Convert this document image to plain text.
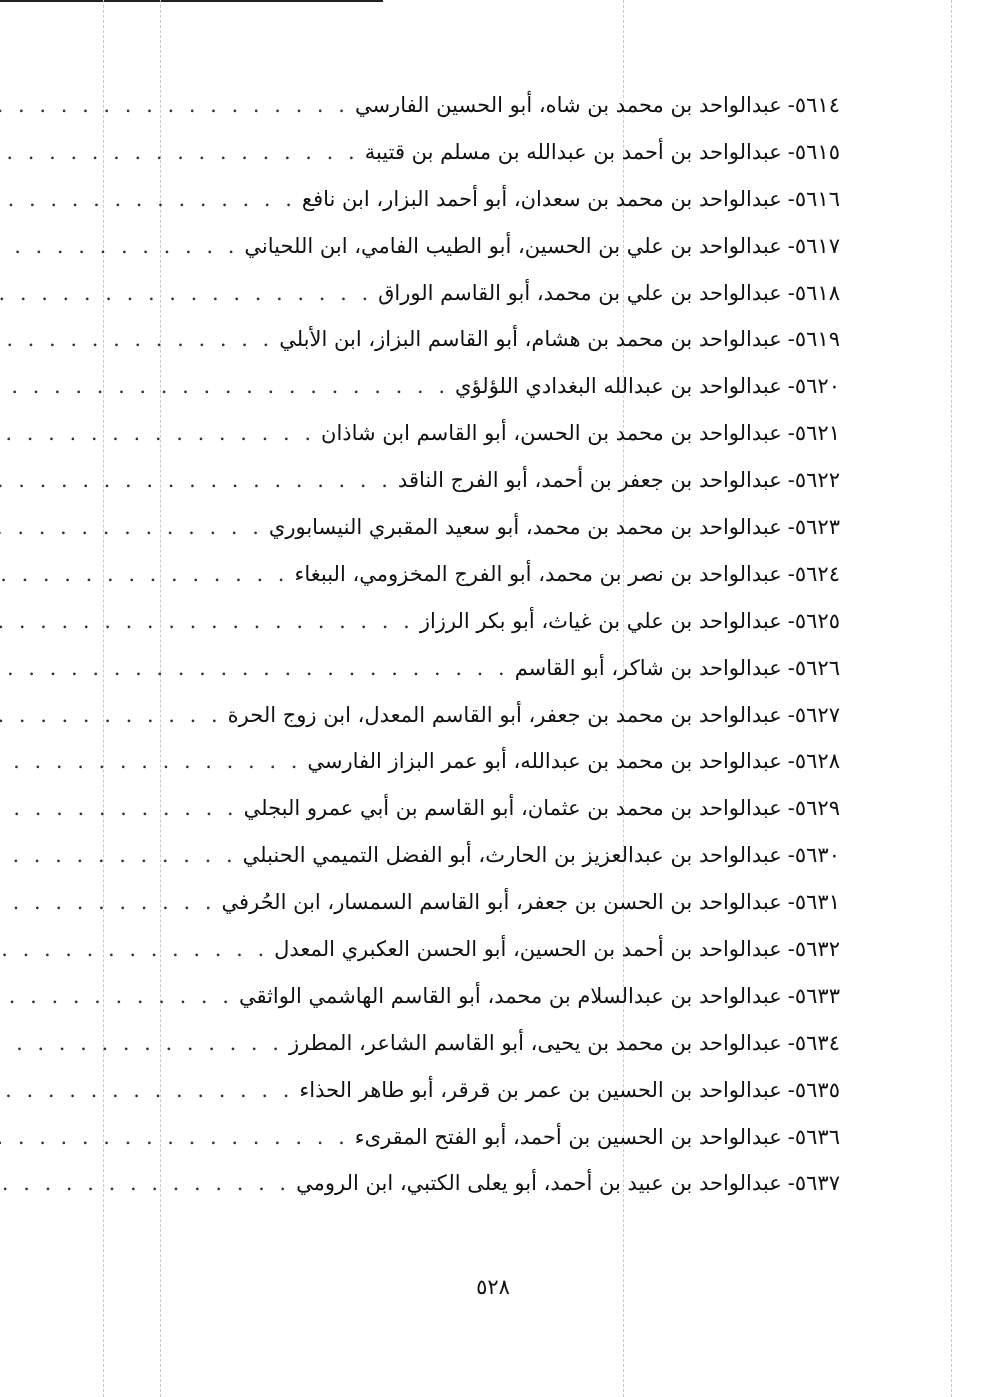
٥٦١٤-
عبدالواحد بن محمد بن شاه، أبو الحسين الفارسي
. . .
٥٦١٥-
عبدالواحد بن أحمد بن عبدالله بن مسلم بن قتيبة
. . .
٥٦١٦-
عبدالواحد بن محمد بن سعدان، أبو أحمد البزار، ابن نافع
. . .
٥٦١٧-
عبدالواحد بن علي بن الحسين، أبو الطيب الفامي، ابن اللحياني
. . .
٥٦١٨-
عبدالواحد بن علي بن محمد، أبو القاسم الوراق
. . .
٥٦١٩-
عبدالواحد بن محمد بن هشام، أبو القاسم البزاز، ابن الأبلي
. . .
٥٦٢٠-
عبدالواحد بن عبدالله البغدادي اللؤلؤي
. . .
٥٦٢١-
عبدالواحد بن محمد بن الحسن، أبو القاسم ابن شاذان
. . .
٥٦٢٢-
عبدالواحد بن جعفر بن أحمد، أبو الفرج الناقد
. . .
٥٦٢٣-
عبدالواحد بن محمد بن محمد، أبو سعيد المقبري النيسابوري
. . .
٥٦٢٤-
عبدالواحد بن نصر بن محمد، أبو الفرج المخزومي، الببغاء
. . .
٥٦٢٥-
عبدالواحد بن علي بن غياث، أبو بكر الرزاز
. . .
٥٦٢٦-
عبدالواحد بن شاكر، أبو القاسم
. . .
٥٦٢٧-
عبدالواحد بن محمد بن جعفر، أبو القاسم المعدل، ابن زوج الحرة
. . .
٥٦٢٨-
عبدالواحد بن محمد بن عبدالله، أبو عمر البزاز الفارسي
. . .
٥٦٢٩-
عبدالواحد بن محمد بن عثمان، أبو القاسم بن أبي عمرو البجلي
. . .
٥٦٣٠-
عبدالواحد بن عبدالعزيز بن الحارث، أبو الفضل التميمي الحنبلي
. . .
٥٦٣١-
عبدالواحد بن الحسن بن جعفر، أبو القاسم السمسار، ابن الحُرفي
. . .
٥٦٣٢-
عبدالواحد بن أحمد بن الحسين، أبو الحسن العكبري المعدل
. . .
٥٦٣٣-
عبدالواحد بن عبدالسلام بن محمد، أبو القاسم الهاشمي الواثقي
. . .
٥٦٣٤-
عبدالواحد بن محمد بن يحيى، أبو القاسم الشاعر، المطرز
. . .
٥٦٣٥-
عبدالواحد بن الحسين بن عمر بن قرقر، أبو طاهر الحذاء
. . .
٥٦٣٦-
عبدالواحد بن الحسين بن أحمد، أبو الفتح المقرىء
. . .
٥٦٣٧-
عبدالواحد بن عبيد بن أحمد، أبو يعلى الكتبي، ابن الرومي
. . .
٥٢٨
